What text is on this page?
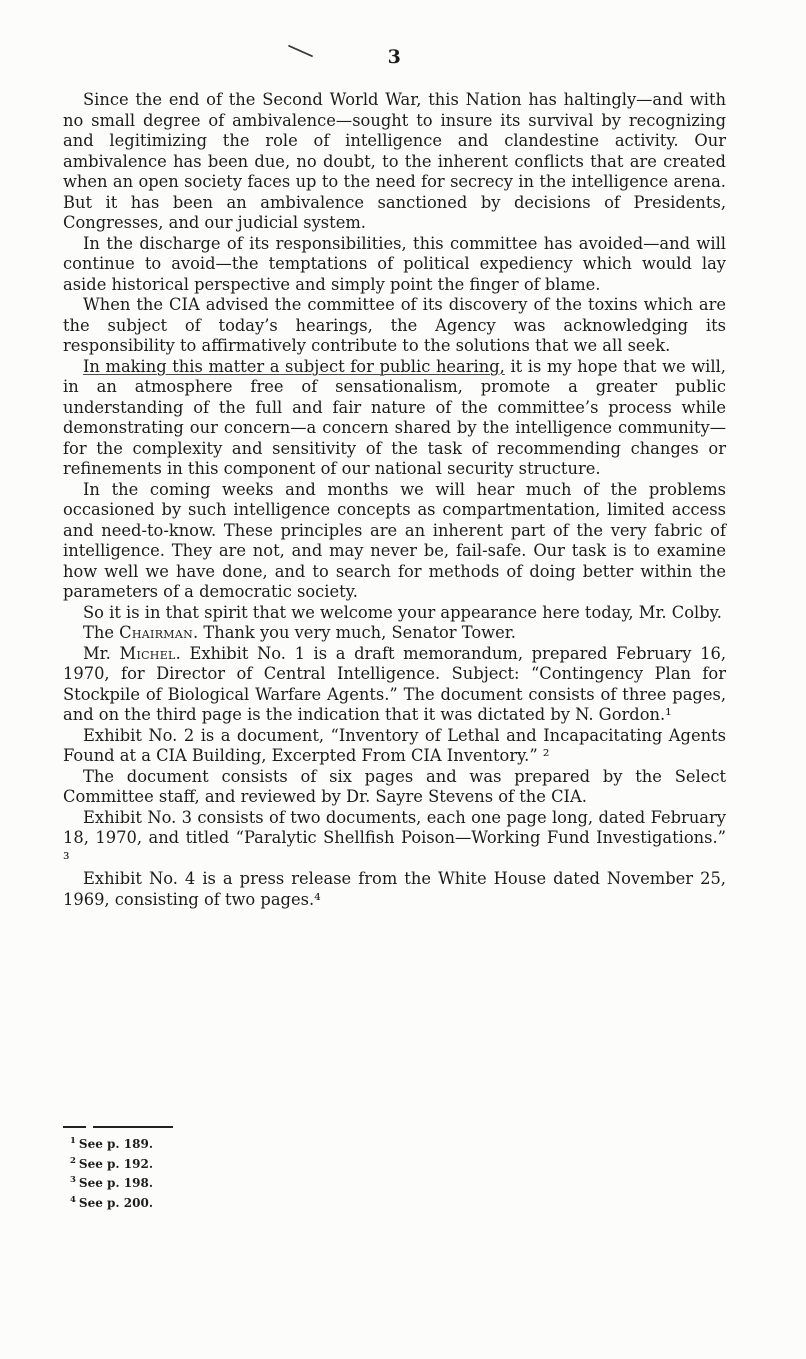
3

Since the end of the Second World War, this Nation has haltingly—and with no small degree of ambivalence—sought to insure its survival by recognizing and legitimizing the role of intelligence and clandestine activity. Our ambivalence has been due, no doubt, to the inherent conflicts that are created when an open society faces up to the need for secrecy in the intelligence arena. But it has been an ambivalence sanctioned by decisions of Presidents, Congresses, and our judicial system.

In the discharge of its responsibilities, this committee has avoided—and will continue to avoid—the temptations of political expediency which would lay aside historical perspective and simply point the finger of blame.

When the CIA advised the committee of its discovery of the toxins which are the subject of today’s hearings, the Agency was acknowledging its responsibility to affirmatively contribute to the solutions that we all seek.

In making this matter a subject for public hearing, it is my hope that we will, in an atmosphere free of sensationalism, promote a greater public understanding of the full and fair nature of the committee’s process while demonstrating our concern—a concern shared by the intelligence community—for the complexity and sensitivity of the task of recommending changes or refinements in this component of our national security structure.

In the coming weeks and months we will hear much of the problems occasioned by such intelligence concepts as compartmentation, limited access and need-to-know. These principles are an inherent part of the very fabric of intelligence. They are not, and may never be, fail-safe. Our task is to examine how well we have done, and to search for methods of doing better within the parameters of a democratic society.

So it is in that spirit that we welcome your appearance here today, Mr. Colby.

The Chairman. Thank you very much, Senator Tower.

Mr. Michel. Exhibit No. 1 is a draft memorandum, prepared February 16, 1970, for Director of Central Intelligence. Subject: “Contingency Plan for Stockpile of Biological Warfare Agents.” The document consists of three pages, and on the third page is the indication that it was dictated by N. Gordon.¹

Exhibit No. 2 is a document, “Inventory of Lethal and Incapacitating Agents Found at a CIA Building, Excerpted From CIA Inventory.” ²

The document consists of six pages and was prepared by the Select Committee staff, and reviewed by Dr. Sayre Stevens of the CIA.

Exhibit No. 3 consists of two documents, each one page long, dated February 18, 1970, and titled “Paralytic Shellfish Poison—Working Fund Investigations.” ³

Exhibit No. 4 is a press release from the White House dated November 25, 1969, consisting of two pages.⁴

$^1$ See p. 189.

$^2$ See p. 192.

$^3$ See p. 198.

$^4$ See p. 200.
